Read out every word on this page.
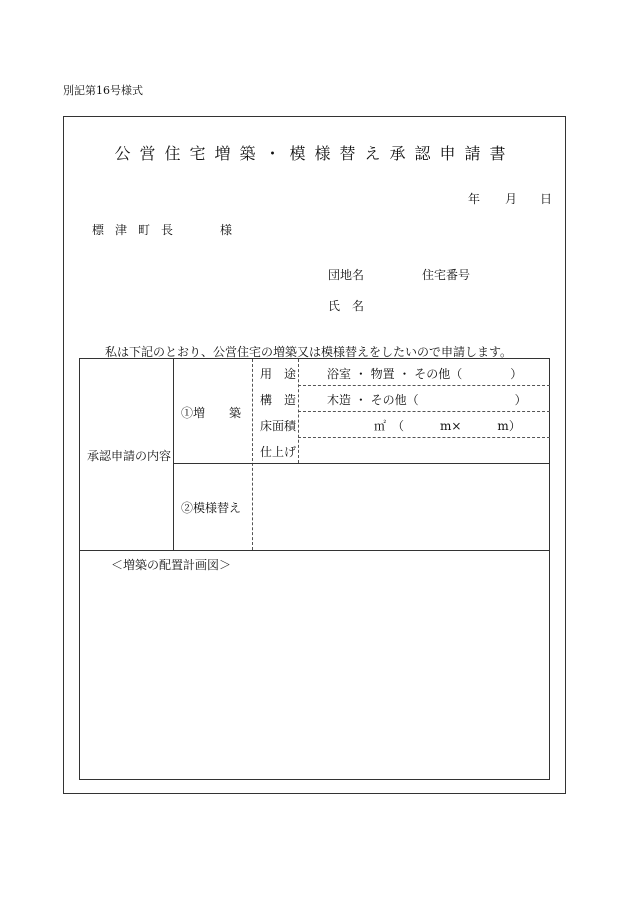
別記第16号様式
公営住宅増築・模様替え承認申請書
年 月 日
標津町長	様
団地名	住宅番号
氏名
私は下記のとおり、公営住宅の増築又は模様替えをしたいので申請します。
承認申請の内容
①増　　築
用　途	浴室 ・ 物置 ・ その他（　　　　）
構　造	木造 ・ その他（　　　　　　　　）
床面積	㎡　（　　　m×　　　m）
仕上げ
②模様替え
＜増築の配置計画図＞
